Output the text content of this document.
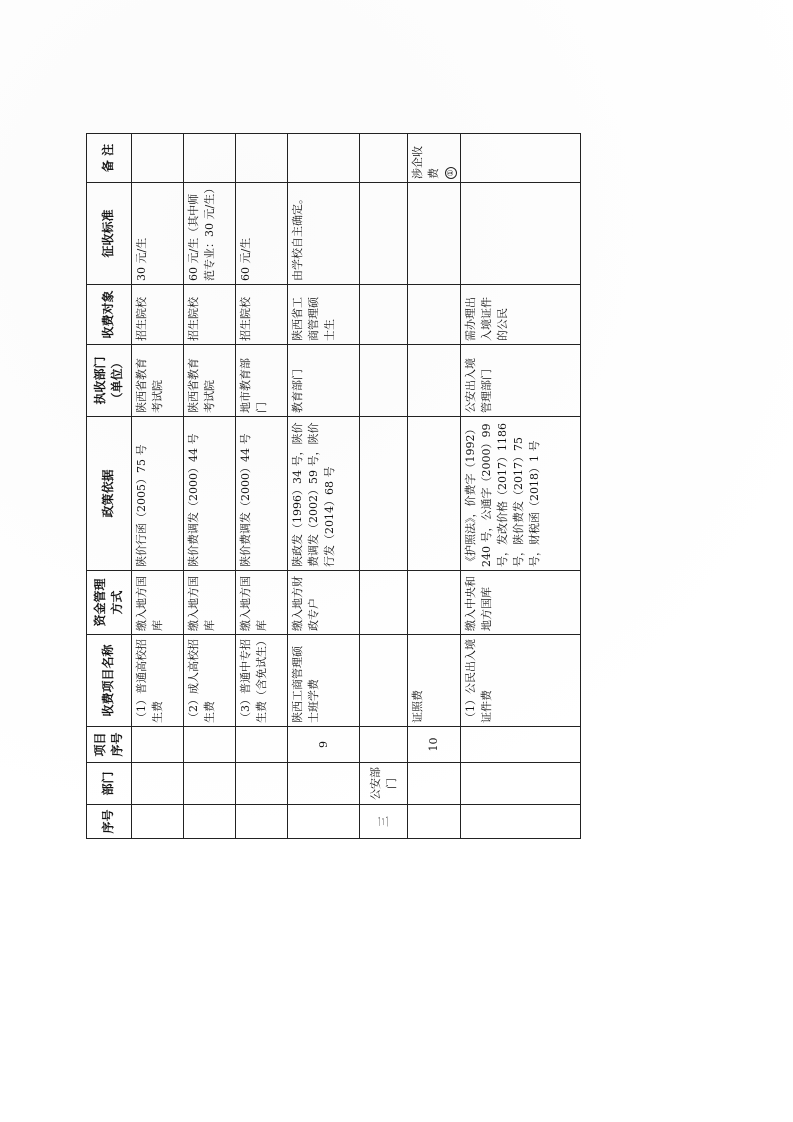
序号	部门	项目序号	收费项目名称	资金管理方式	政策依据	执收部门（单位）	收费对象	征收标准	备 注
			（1）普通高校招生费	缴入地方国库	陕价行函（2005）75 号	陕西省教育考试院	招生院校	30 元/生	
			（2）成人高校招生费	缴入地方国库	陕价费调发（2000）44 号	陕西省教育考试院	招生院校	60 元/生（其中师范专业：30 元/生）	
			（3）普通中专招生费（含免试生）	缴入地方国库	陕价费调发（2000）44 号	地市教育部门	招生院校	60 元/生	
		9	陕西工商管理硕士班学费	缴入地方财政专户	陕政发（1996）34 号，陕价费调发（2002）59 号，陕价行发（2014）68 号	教育部门	陕西省工商管理硕士生	由学校自主确定。	
三	公安部门								
		10	证照费						涉企收费 ①
			（1）公民出入境证件费	缴入中央和地方国库	《护照法》，价费字（1992）240 号，公通字（2000）99 号，发改价格（2017）1186 号，陕价费发（2017）75 号，财税函（2018）1 号	公安出入境管理部门	需办理出入境证件的公民		
